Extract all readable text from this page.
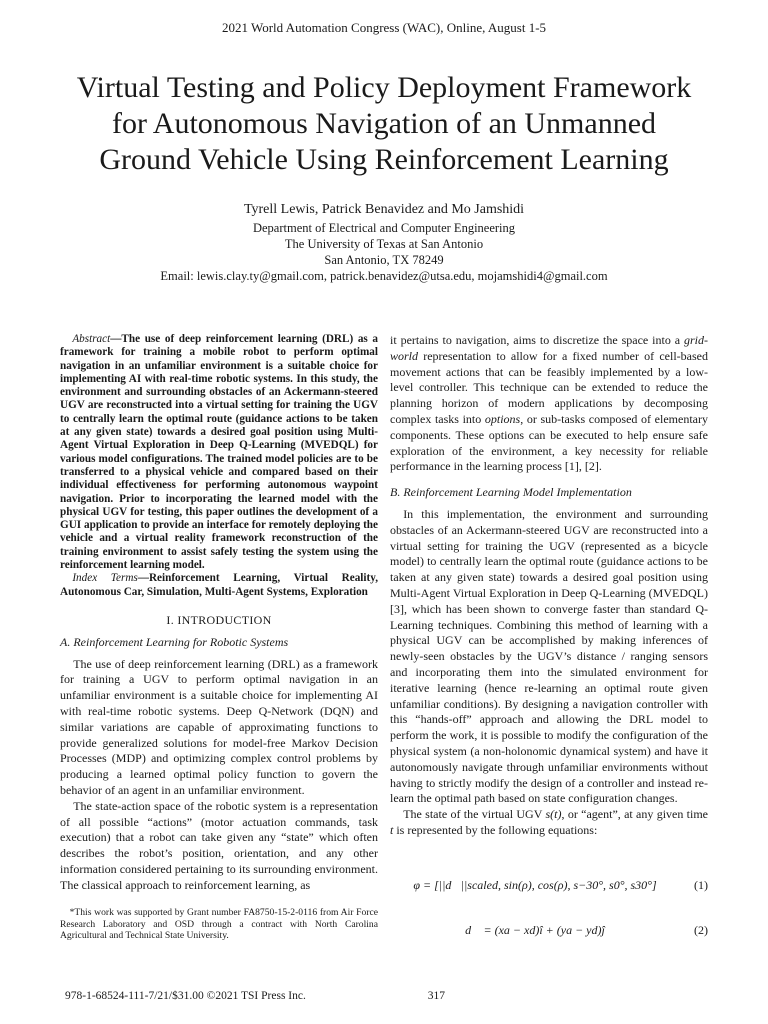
2021 World Automation Congress (WAC), Online, August 1-5
Virtual Testing and Policy Deployment Framework
for Autonomous Navigation of an Unmanned
Ground Vehicle Using Reinforcement Learning
Tyrell Lewis, Patrick Benavidez and Mo Jamshidi
Department of Electrical and Computer Engineering
The University of Texas at San Antonio
San Antonio, TX 78249
Email: lewis.clay.ty@gmail.com, patrick.benavidez@utsa.edu, mojamshidi4@gmail.com

Abstract—The use of deep reinforcement learning (DRL) as a framework for training a mobile robot to perform optimal navigation in an unfamiliar environment is a suitable choice for implementing AI with real-time robotic systems. In this study, the environment and surrounding obstacles of an Ackermann-steered UGV are reconstructed into a virtual setting for training the UGV to centrally learn the optimal route (guidance actions to be taken at any given state) towards a desired goal position using Multi-Agent Virtual Exploration in Deep Q-Learning (MVEDQL) for various model configurations. The trained model policies are to be transferred to a physical vehicle and compared based on their individual effectiveness for performing autonomous waypoint navigation. Prior to incorporating the learned model with the physical UGV for testing, this paper outlines the development of a GUI application to provide an interface for remotely deploying the vehicle and a virtual reality framework reconstruction of the training environment to assist safely testing the system using the reinforcement learning model.

Index Terms—Reinforcement Learning, Virtual Reality, Autonomous Car, Simulation, Multi-Agent Systems, Exploration

I. INTRODUCTION
A. Reinforcement Learning for Robotic Systems

The use of deep reinforcement learning (DRL) as a framework for training a UGV to perform optimal navigation in an unfamiliar environment is a suitable choice for implementing AI with real-time robotic systems. Deep Q-Network (DQN) and similar variations are capable of approximating functions to provide generalized solutions for model-free Markov Decision Processes (MDP) and optimizing complex control problems by producing a learned optimal policy function to govern the behavior of an agent in an unfamiliar environment.

The state-action space of the robotic system is a representation of all possible “actions” (motor actuation commands, task execution) that a robot can take given any “state” which often describes the robot’s position, orientation, and any other information considered pertaining to its surrounding environment. The classical approach to reinforcement learning, as

*This work was supported by Grant number FA8750-15-2-0116 from Air Force Research Laboratory and OSD through a contract with North Carolina Agricultural and Technical State University.

it pertains to navigation, aims to discretize the space into a grid-world representation to allow for a fixed number of cell-based movement actions that can be feasibly implemented by a low-level controller. This technique can be extended to reduce the planning horizon of modern applications by decomposing complex tasks into options, or sub-tasks composed of elementary components. These options can be executed to help ensure safe exploration of the environment, a key necessity for reliable performance in the learning process [1], [2].

B. Reinforcement Learning Model Implementation

In this implementation, the environment and surrounding obstacles of an Ackermann-steered UGV are reconstructed into a virtual setting for training the UGV (represented as a bicycle model) to centrally learn the optimal route (guidance actions to be taken at any given state) towards a desired goal position using Multi-Agent Virtual Exploration in Deep Q-Learning (MVEDQL) [3], which has been shown to converge faster than standard Q-Learning techniques. Combining this method of learning with a physical UGV can be accomplished by making inferences of newly-seen obstacles by the UGV’s distance / ranging sensors and incorporating them into the simulated environment for iterative learning (hence re-learning an optimal route given unfamiliar conditions). By designing a navigation controller with this “hands-off” approach and allowing the DRL model to perform the work, it is possible to modify the configuration of the physical system (a non-holonomic dynamical system) and have it autonomously navigate through unfamiliar environments without having to strictly modify the design of a controller and instead re-learn the optimal path based on state configuration changes.

The state of the virtual UGV s(t), or “agent”, at any given time t is represented by the following equations:

φ = [||d⃗||scaled, sin(ρ), cos(ρ), s−30°, s0°, s30°]	(1)
d⃗ = (xa − xd)î + (ya − yd)ĵ	(2)
978-1-68524-111-7/21/$31.00 ©2021 TSI Press Inc.	317
